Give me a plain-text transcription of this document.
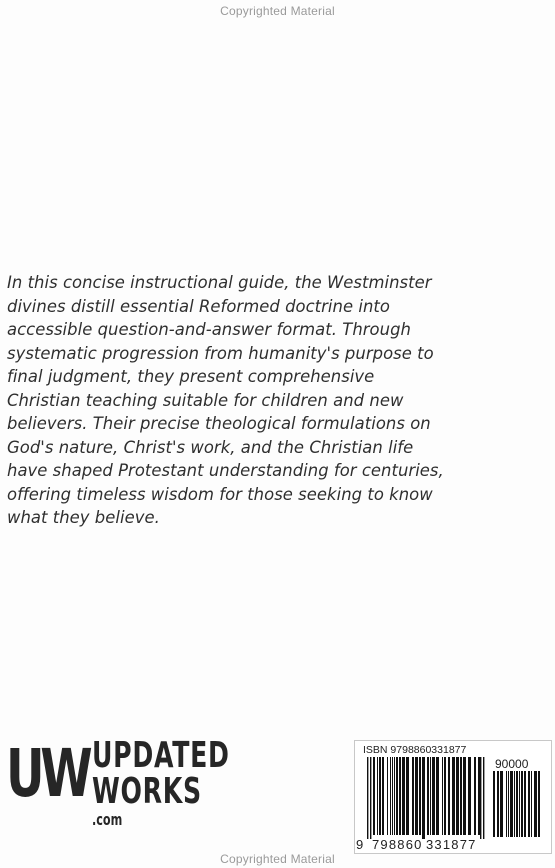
Copyrighted Material
In this concise instructional guide, the Westminster
divines distill essential Reformed doctrine into
accessible question-and-answer format. Through
systematic progression from humanity's purpose to
final judgment, they present comprehensive
Christian teaching suitable for children and new
believers. Their precise theological formulations on
God's nature, Christ's work, and the Christian life
have shaped Protestant understanding for centuries,
offering timeless wisdom for those seeking to know
what they believe.
UW UPDATED
WORKS.com
ISBN 9798860331877
90000
9 798860 331877
Copyrighted Material
